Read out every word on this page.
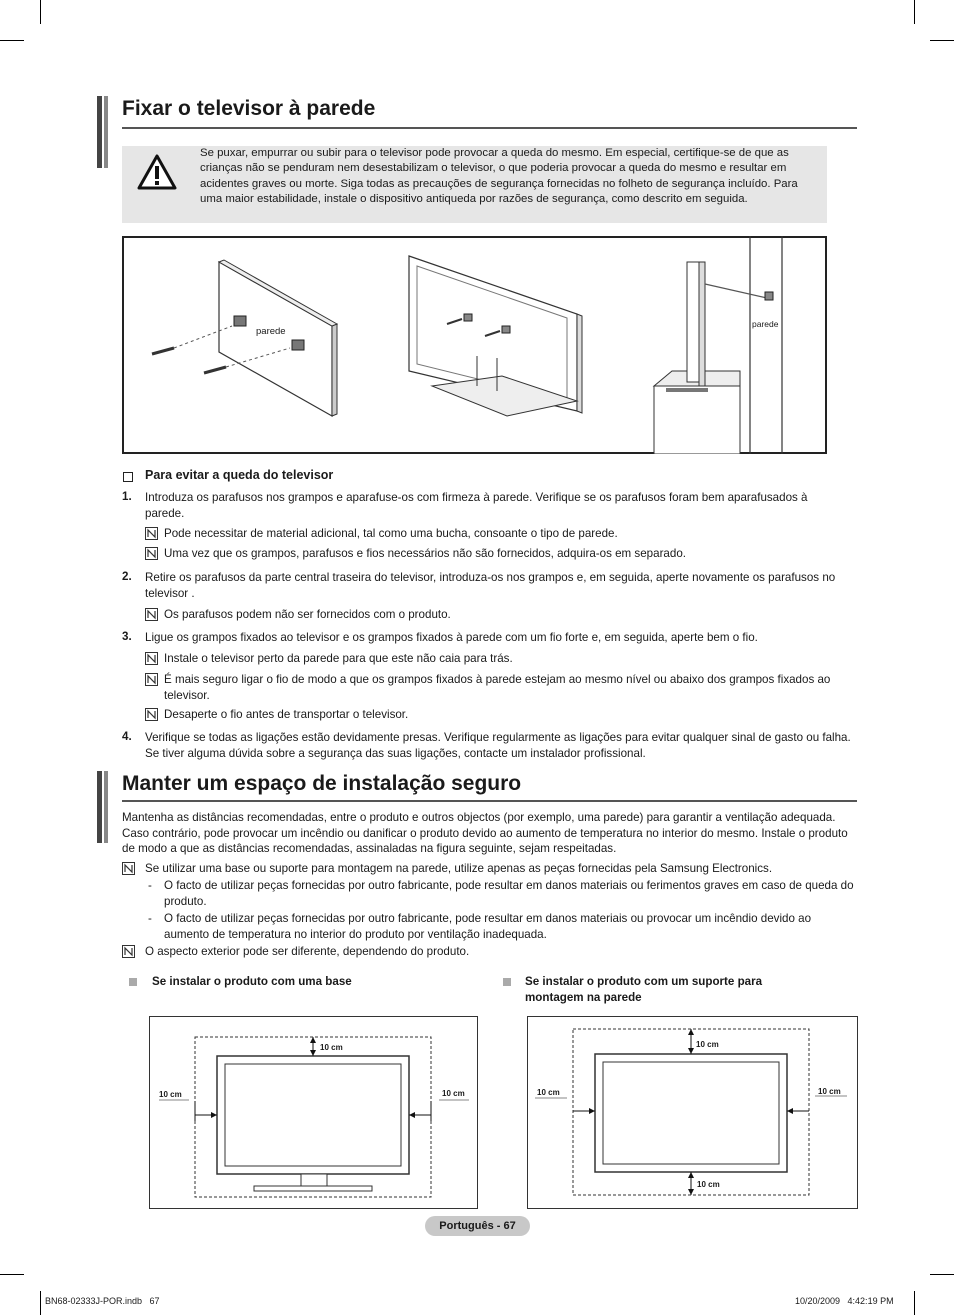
Fixar o televisor à parede
Se puxar, empurrar ou subir para o televisor pode provocar a queda do mesmo. Em especial, certifique-se de que as crianças não se penduram nem desestabilizam o televisor, o que poderia provocar a queda do mesmo e resultar em acidentes graves ou morte. Siga todas as precauções de segurança fornecidas no folheto de segurança incluído. Para uma maior estabilidade, instale o dispositivo antiqueda por razões de segurança, como descrito em seguida.
parede
parede
Para evitar a queda do televisor
1. Introduza os parafusos nos grampos e aparafuse-os com firmeza à parede. Verifique se os parafusos foram bem aparafusados à parede.
Pode necessitar de material adicional, tal como uma bucha, consoante o tipo de parede.
Uma vez que os grampos, parafusos e fios necessários não são fornecidos, adquira-os em separado.
2. Retire os parafusos da parte central traseira do televisor, introduza-os nos grampos e, em seguida, aperte novamente os parafusos no televisor .
Os parafusos podem não ser fornecidos com o produto.
3. Ligue os grampos fixados ao televisor e os grampos fixados à parede com um fio forte e, em seguida, aperte bem o fio.
Instale o televisor perto da parede para que este não caia para trás.
É mais seguro ligar o fio de modo a que os grampos fixados à parede estejam ao mesmo nível ou abaixo dos grampos fixados ao televisor.
Desaperte o fio antes de transportar o televisor.
4. Verifique se todas as ligações estão devidamente presas. Verifique regularmente as ligações para evitar qualquer sinal de gasto ou falha. Se tiver alguma dúvida sobre a segurança das suas ligações, contacte um instalador profissional.
Manter um espaço de instalação seguro
Mantenha as distâncias recomendadas, entre o produto e outros objectos (por exemplo, uma parede) para garantir a ventilação adequada. Caso contrário, pode provocar um incêndio ou danificar o produto devido ao aumento de temperatura no interior do mesmo. Instale o produto de modo a que as distâncias recomendadas, assinaladas na figura seguinte, sejam respeitadas.
Se utilizar uma base ou suporte para montagem na parede, utilize apenas as peças fornecidas pela Samsung Electronics.
- O facto de utilizar peças fornecidas por outro fabricante, pode resultar em danos materiais ou ferimentos graves em caso de queda do produto.
- O facto de utilizar peças fornecidas por outro fabricante, pode resultar em danos materiais ou provocar um incêndio devido ao aumento de temperatura no interior do produto por ventilação inadequada.
O aspecto exterior pode ser diferente, dependendo do produto.
Se instalar o produto com uma base	Se instalar o produto com um suporte para montagem na parede
10 cm
10 cm	10 cm
10 cm
10 cm	10 cm
10 cm
Português - 67
BN68-02333J-POR.indb   67	10/20/2009   4:42:19 PM
